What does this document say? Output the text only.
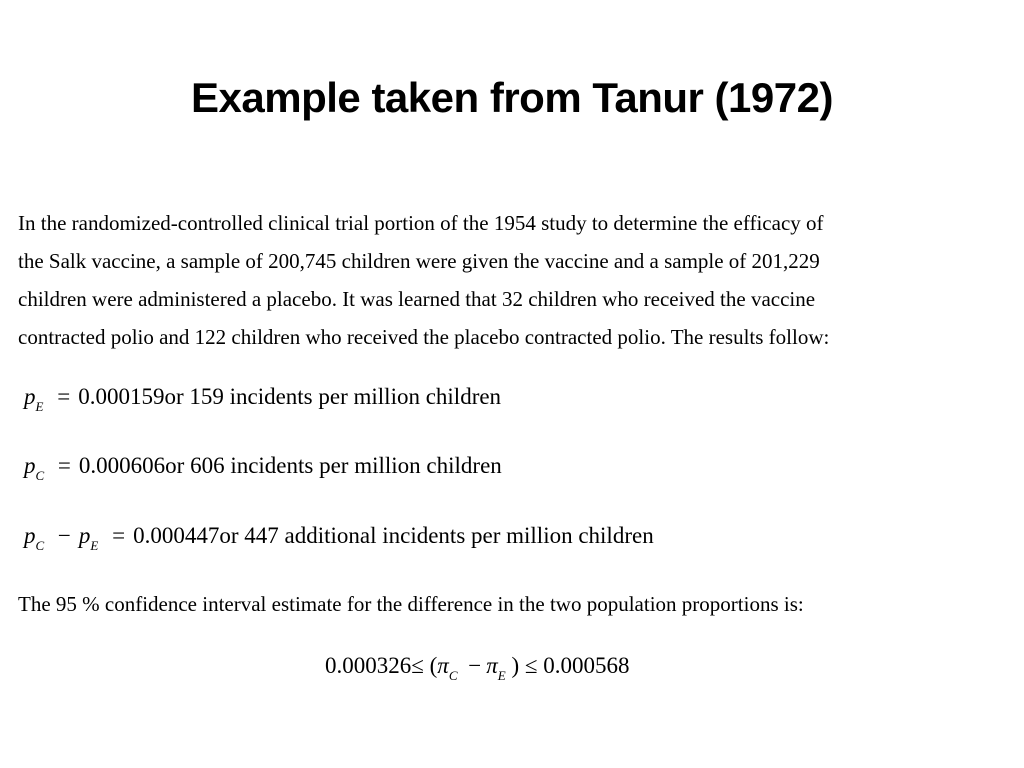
Example taken from Tanur (1972)

In the randomized-controlled clinical trial portion of the 1954 study to determine the efficacy of
the Salk vaccine, a sample of 200,745 children were given the vaccine and a sample of 201,229
children were administered a placebo. It was learned that 32 children who received the vaccine
contracted polio and 122 children who received the placebo contracted polio. The results follow:

$p_E = 0.000159or$ 159 incidents per million children
$p_C = 0.000606or$ 606 incidents per million children
$p_C - p_E = 0.000447or$ 447 additional incidents per million children
The 95 % confidence interval estimate for the difference in the two population proportions is:
$0.000326\le (\pi_C - \pi_E$ ) ≤ 0.000568
